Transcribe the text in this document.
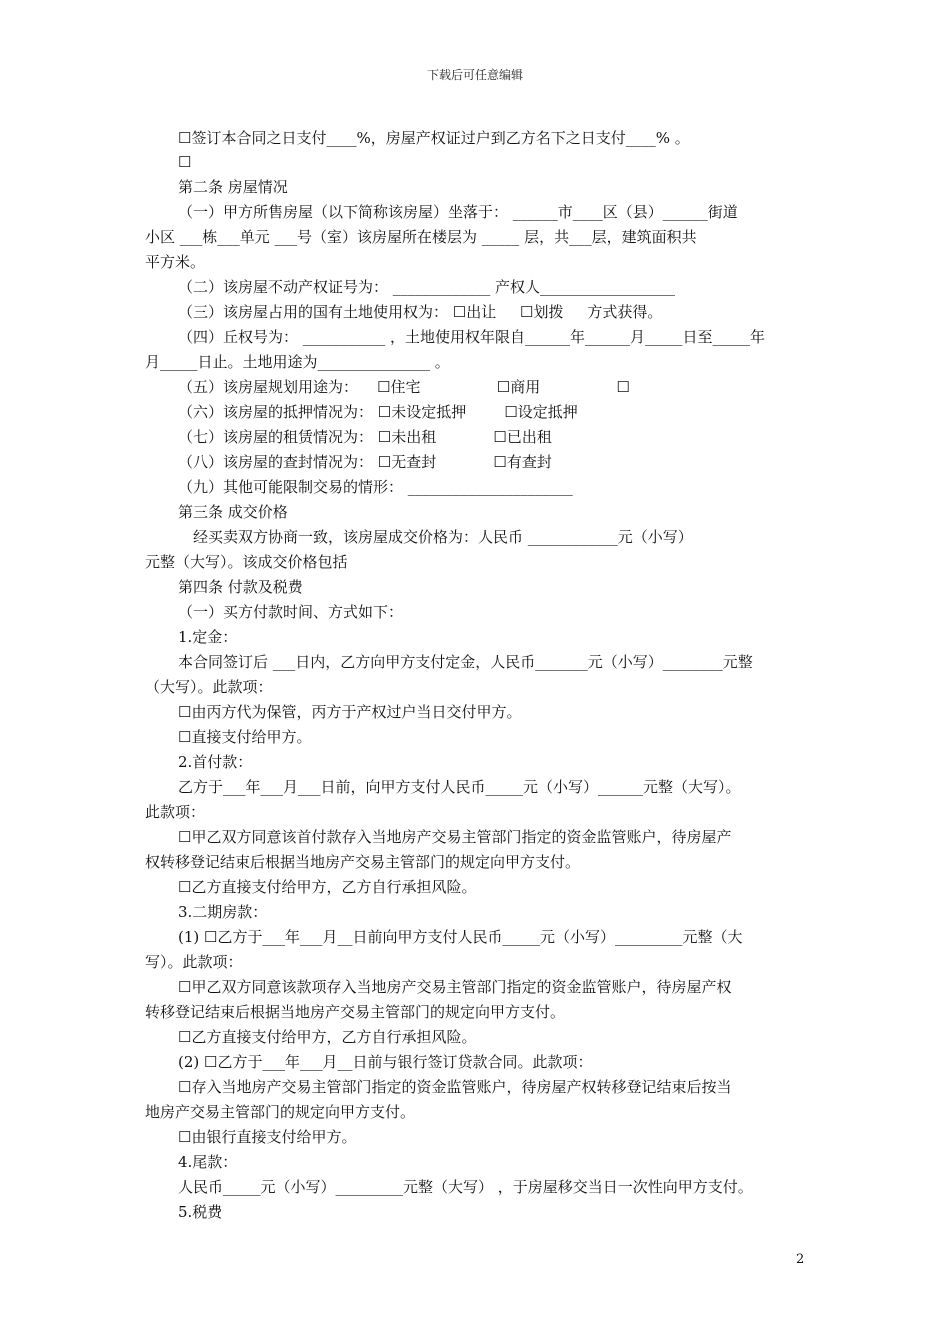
下载后可任意编辑
☐签订本合同之日支付____%，房屋产权证过户到乙方名下之日支付____% 。
☐
第二条 房屋情况
（一）甲方所售房屋（以下简称该房屋）坐落于： ______市____区（县）______街道
小区 ___栋___单元 ___号（室）该房屋所在楼层为 _____ 层，共___层，建筑面积共
平方米。
（二）该房屋不动产权证号为： _____________ 产权人__________________
（三）该房屋占用的国有土地使用权为： ☐出让     ☐划拨     方式获得。
（四）丘权号为： ___________ ，土地使用权年限自______年______月_____日至_____年
月_____日止。土地用途为_______________ 。
（五）该房屋规划用途为：    ☐住宅                ☐商用                ☐
（六）该房屋的抵押情况为： ☐未设定抵押        ☐设定抵押
（七）该房屋的租赁情况为： ☐未出租            ☐已出租
（八）该房屋的查封情况为： ☐无查封            ☐有查封
（九）其他可能限制交易的情形： ______________________
第三条 成交价格
经买卖双方协商一致，该房屋成交价格为：人民币 ____________元（小写）
元整（大写）。该成交价格包括
第四条 付款及税费
（一）买方付款时间、方式如下：
1.定金：
本合同签订后 ___日内，乙方向甲方支付定金，人民币_______元（小写）________元整
（大写）。此款项：
☐由丙方代为保管，丙方于产权过户当日交付甲方。
☐直接支付给甲方。
2.首付款：
乙方于___年___月___日前，向甲方支付人民币_____元（小写）______元整（大写）。
此款项：
☐甲乙双方同意该首付款存入当地房产交易主管部门指定的资金监管账户，待房屋产
权转移登记结束后根据当地房产交易主管部门的规定向甲方支付。
☐乙方直接支付给甲方，乙方自行承担风险。
3.二期房款：
(1) ☐乙方于___年___月__日前向甲方支付人民币_____元（小写）_________元整（大
写）。此款项：
☐甲乙双方同意该款项存入当地房产交易主管部门指定的资金监管账户，待房屋产权
转移登记结束后根据当地房产交易主管部门的规定向甲方支付。
☐乙方直接支付给甲方，乙方自行承担风险。
(2) ☐乙方于___年___月__日前与银行签订贷款合同。此款项：
☐存入当地房产交易主管部门指定的资金监管账户，待房屋产权转移登记结束后按当
地房产交易主管部门的规定向甲方支付。
☐由银行直接支付给甲方。
4.尾款：
人民币_____元（小写）_________元整（大写） ，于房屋移交当日一次性向甲方支付。
5.税费
2
